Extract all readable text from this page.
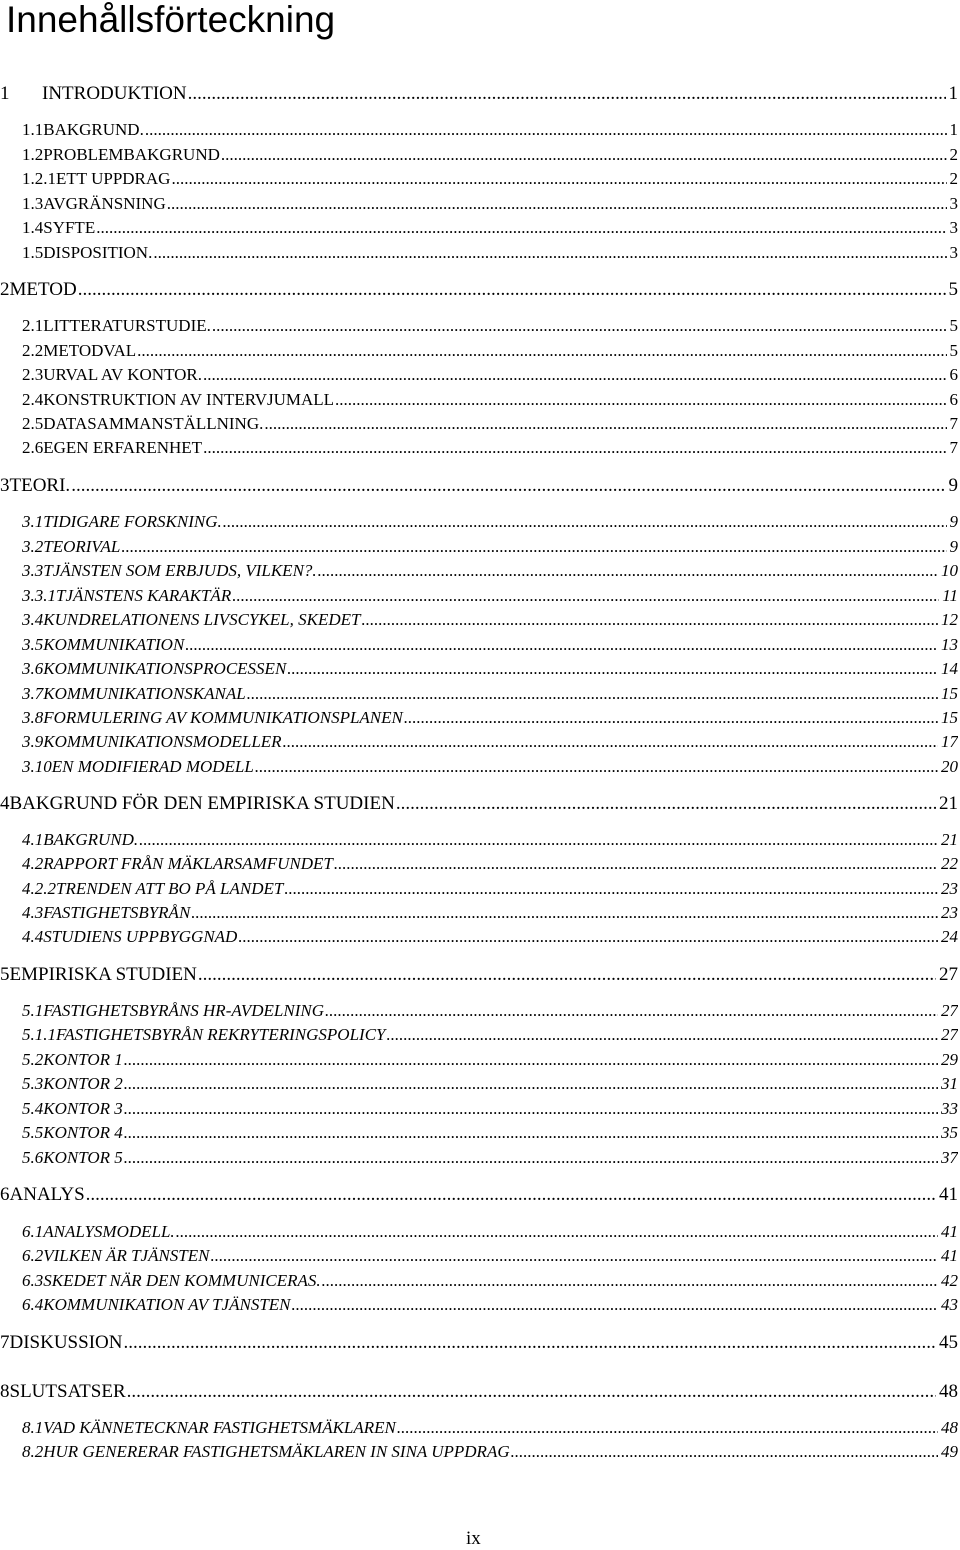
Innehållsförteckning
1	INTRODUKTION .....	1
1.1 BAKGRUND. .....	1
1.2 PROBLEMBAKGRUND .....	2
1.2.1 ETT UPPDRAG .....	2
1.3 AVGRÄNSNING .....	3
1.4 SYFTE .....	3
1.5 DISPOSITION. .....	3
2 METOD .....	5
2.1 LITTERATURSTUDIE. .....	5
2.2 METODVAL .....	5
2.3 URVAL AV KONTOR. .....	6
2.4 KONSTRUKTION AV INTERVJUMALL .....	6
2.5 DATASAMMANSTÄLLNING. .....	7
2.6 EGEN ERFARENHET .....	7
3 TEORI. .....	9
3.1 TIDIGARE FORSKNING. .....	9
3.2 TEORIVAL .....	9
3.3 TJÄNSTEN SOM ERBJUDS, VILKEN?. .....	10
3.3.1 TJÄNSTENS KARAKTÄR .....	11
3.4 KUNDRELATIONENS LIVSCYKEL, SKEDET .....	12
3.5 KOMMUNIKATION .....	13
3.6 KOMMUNIKATIONSPROCESSEN .....	14
3.7 KOMMUNIKATIONSKANAL .....	15
3.8 FORMULERING AV KOMMUNIKATIONSPLANEN .....	15
3.9 KOMMUNIKATIONSMODELLER .....	17
3.10 EN MODIFIERAD MODELL .....	20
4 BAKGRUND FÖR DEN EMPIRISKA STUDIEN .....	21
4.1 BAKGRUND. .....	21
4.2 RAPPORT FRÅN MÄKLARSAMFUNDET .....	22
4.2.2 TRENDEN ATT BO PÅ LANDET .....	23
4.3 FASTIGHETSBYRÅN .....	23
4.4 STUDIENS UPPBYGGNAD .....	24
5 EMPIRISKA STUDIEN .....	27
5.1 FASTIGHETSBYRÅNS HR-AVDELNING .....	27
5.1.1 FASTIGHETSBYRÅN REKRYTERINGSPOLICY .....	27
5.2 KONTOR 1 .....	29
5.3 KONTOR 2 .....	31
5.4 KONTOR 3 .....	33
5.5 KONTOR 4 .....	35
5.6 KONTOR 5 .....	37
6 ANALYS .....	41
6.1 ANALYSMODELL. .....	41
6.2 VILKEN ÄR TJÄNSTEN .....	41
6.3 SKEDET NÄR DEN KOMMUNICERAS. .....	42
6.4 KOMMUNIKATION AV TJÄNSTEN .....	43
7 DISKUSSION .....	45
8 SLUTSATSER .....	48
8.1 VAD KÄNNETECKNAR FASTIGHETSMÄKLAREN .....	48
8.2 HUR GENERERAR FASTIGHETSMÄKLAREN IN SINA UPPDRAG .....	49
ix
